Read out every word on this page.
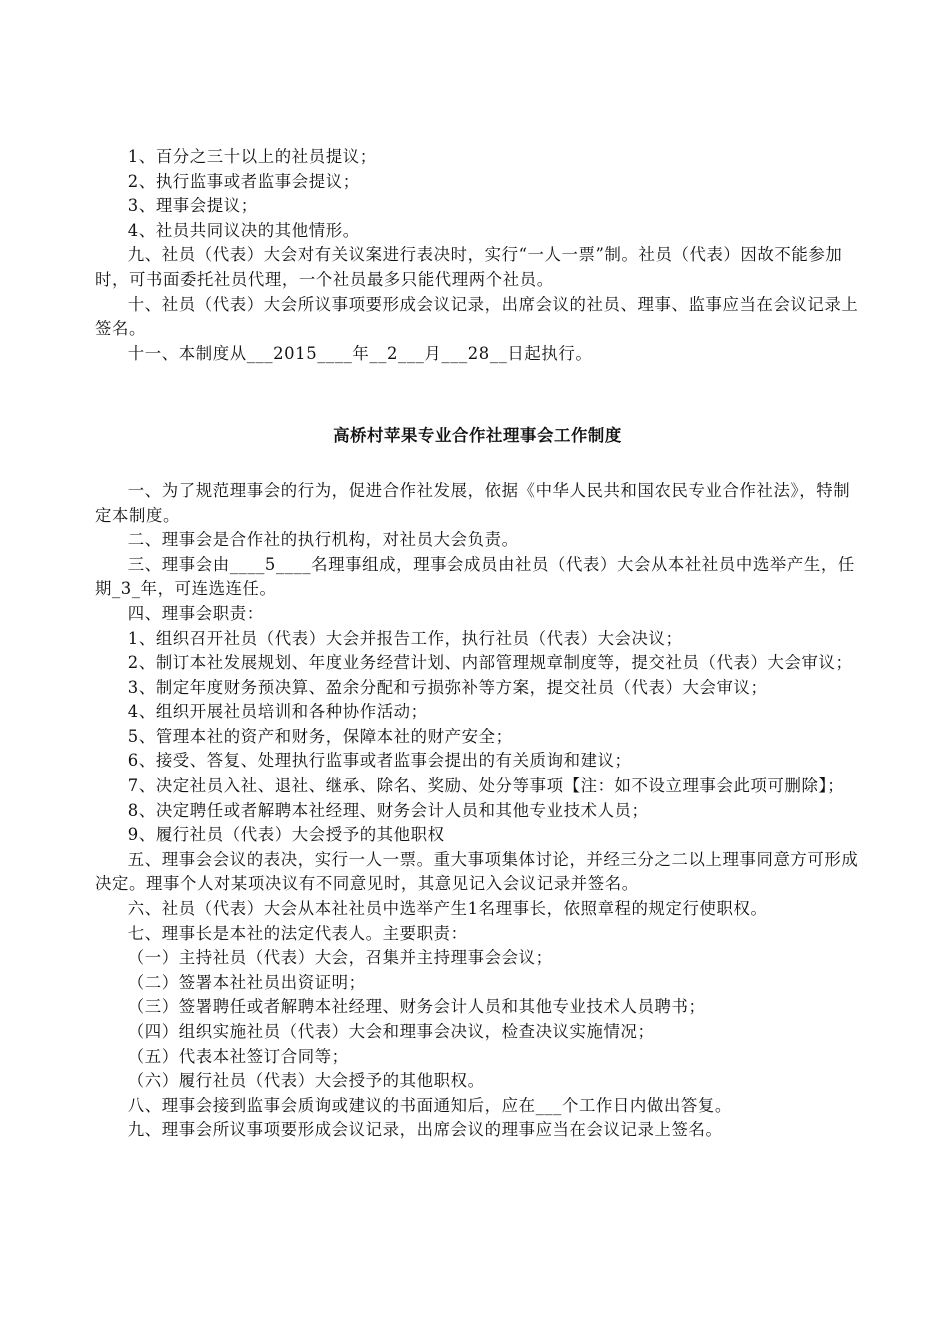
1、百分之三十以上的社员提议；

2、执行监事或者监事会提议；

3、理事会提议；

4、社员共同议决的其他情形。

九、社员（代表）大会对有关议案进行表决时，实行“一人一票”制。社员（代表）因故不能参加时，可书面委托社员代理，一个社员最多只能代理两个社员。

十、社员（代表）大会所议事项要形成会议记录，出席会议的社员、理事、监事应当在会议记录上签名。

十一、本制度从___2015____年__2___月___28__日起执行。

高桥村苹果专业合作社理事会工作制度

一、为了规范理事会的行为，促进合作社发展，依据《中华人民共和国农民专业合作社法》，特制定本制度。

二、理事会是合作社的执行机构，对社员大会负责。

三、理事会由____5____名理事组成，理事会成员由社员（代表）大会从本社社员中选举产生，任期_3_年，可连选连任。

四、理事会职责：

1、组织召开社员（代表）大会并报告工作，执行社员（代表）大会决议；

2、制订本社发展规划、年度业务经营计划、内部管理规章制度等，提交社员（代表）大会审议；

3、制定年度财务预决算、盈余分配和亏损弥补等方案，提交社员（代表）大会审议；

4、组织开展社员培训和各种协作活动；

5、管理本社的资产和财务，保障本社的财产安全；

6、接受、答复、处理执行监事或者监事会提出的有关质询和建议；

7、决定社员入社、退社、继承、除名、奖励、处分等事项【注：如不设立理事会此项可删除】；

8、决定聘任或者解聘本社经理、财务会计人员和其他专业技术人员；

9、履行社员（代表）大会授予的其他职权

五、理事会会议的表决，实行一人一票。重大事项集体讨论，并经三分之二以上理事同意方可形成决定。理事个人对某项决议有不同意见时，其意见记入会议记录并签名。

六、社员（代表）大会从本社社员中选举产生1名理事长，依照章程的规定行使职权。

七、理事长是本社的法定代表人。主要职责：

（一）主持社员（代表）大会，召集并主持理事会会议；

（二）签署本社社员出资证明；

（三）签署聘任或者解聘本社经理、财务会计人员和其他专业技术人员聘书；

（四）组织实施社员（代表）大会和理事会决议，检查决议实施情况；

（五）代表本社签订合同等；

（六）履行社员（代表）大会授予的其他职权。

八、理事会接到监事会质询或建议的书面通知后，应在___个工作日内做出答复。

九、理事会所议事项要形成会议记录，出席会议的理事应当在会议记录上签名。
